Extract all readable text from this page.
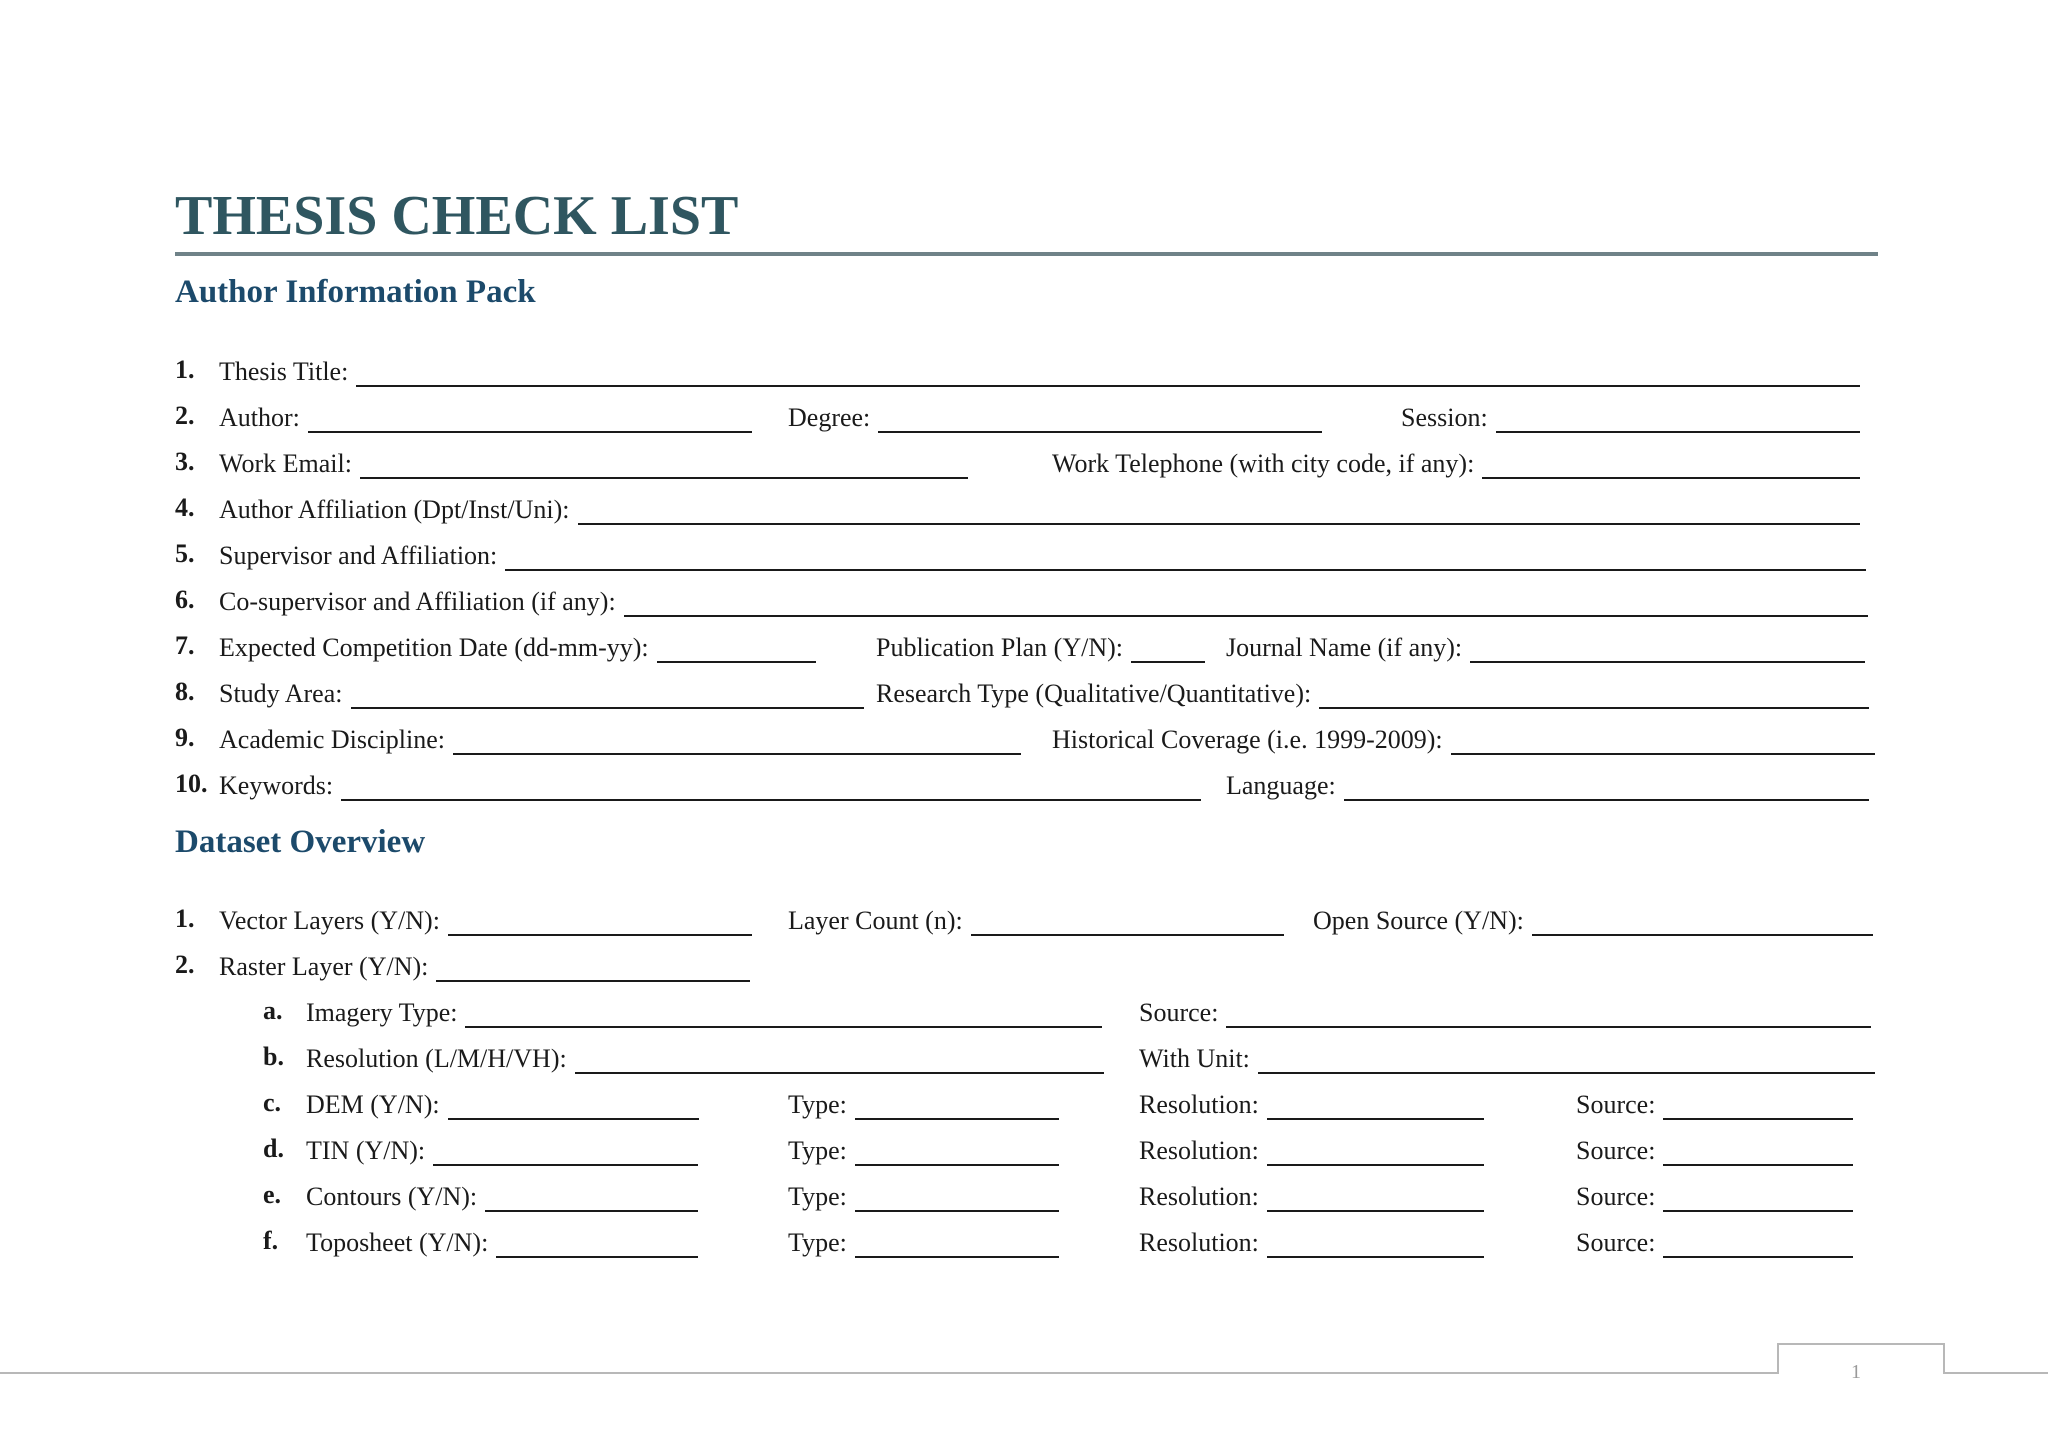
THESIS CHECK LIST
Author Information Pack
Dataset Overview
1. Thesis Title:
2. Author:	Degree:	Session:
3. Work Email:	Work Telephone (with city code, if any):
4. Author Affiliation (Dpt/Inst/Uni):
5. Supervisor and Affiliation:
6. Co-supervisor and Affiliation (if any):
7. Expected Competition Date (dd-mm-yy):	Publication Plan (Y/N):	Journal Name (if any):
8. Study Area:	Research Type (Qualitative/Quantitative):
9. Academic Discipline:	Historical Coverage (i.e. 1999-2009):
10. Keywords:	Language:
1. Vector Layers (Y/N):	Layer Count (n):	Open Source (Y/N):
2. Raster Layer (Y/N):
a. Imagery Type:	Source:
b. Resolution (L/M/H/VH):	With Unit:
c. DEM (Y/N):	Type:	Resolution:	Source:
d. TIN (Y/N):	Type:	Resolution:	Source:
e. Contours (Y/N):	Type:	Resolution:	Source:
f. Toposheet (Y/N):	Type:	Resolution:	Source:
1
